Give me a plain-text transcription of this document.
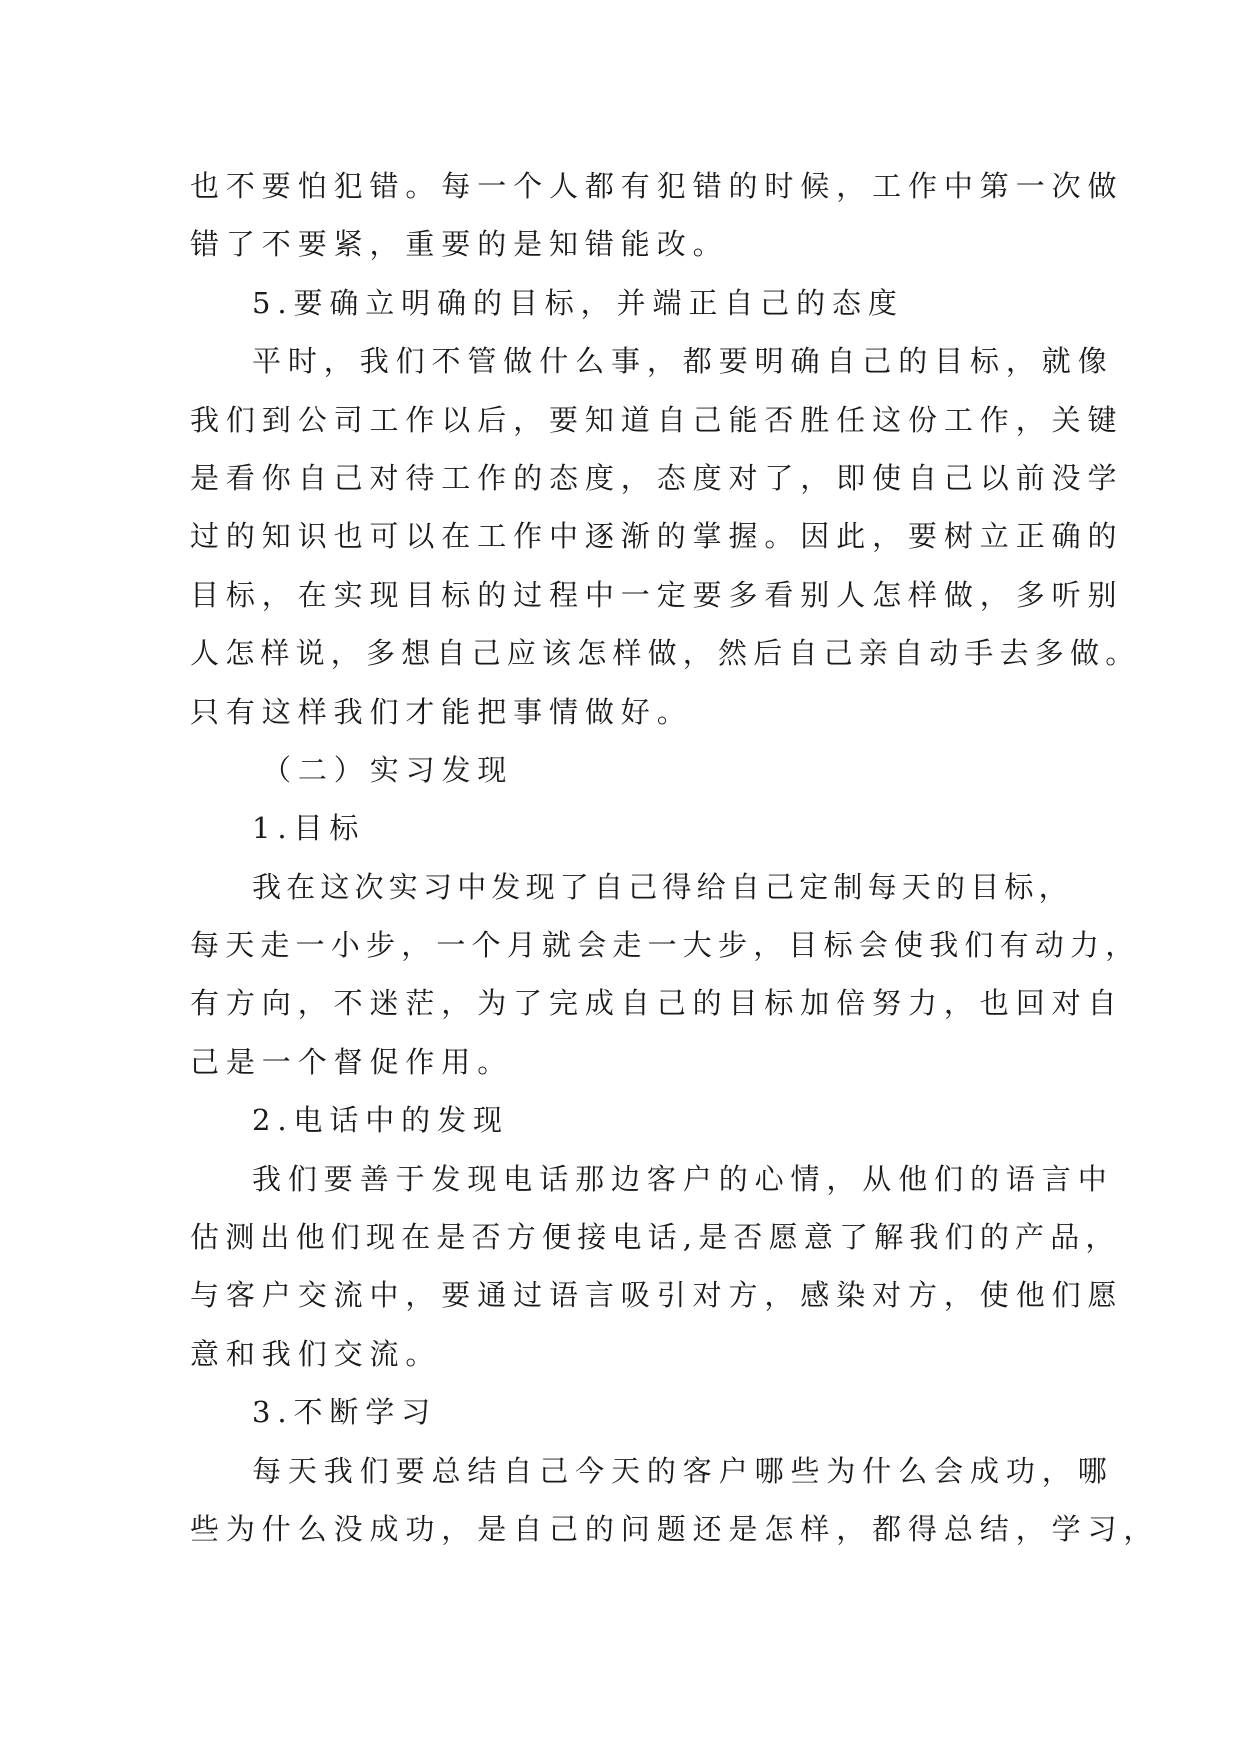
也不要怕犯错。每一个人都有犯错的时候，工作中第一次做
错了不要紧，重要的是知错能改。
5.要确立明确的目标，并端正自己的态度
平时，我们不管做什么事，都要明确自己的目标，就像
我们到公司工作以后，要知道自己能否胜任这份工作，关键
是看你自己对待工作的态度，态度对了，即使自己以前没学
过的知识也可以在工作中逐渐的掌握。因此，要树立正确的
目标，在实现目标的过程中一定要多看别人怎样做，多听别
人怎样说，多想自己应该怎样做，然后自己亲自动手去多做。
只有这样我们才能把事情做好。
（二）实习发现
1.目标
我在这次实习中发现了自己得给自己定制每天的目标，
每天走一小步，一个月就会走一大步，目标会使我们有动力，
有方向，不迷茫，为了完成自己的目标加倍努力，也回对自
己是一个督促作用。
2.电话中的发现
我们要善于发现电话那边客户的心情，从他们的语言中
估测出他们现在是否方便接电话,是否愿意了解我们的产品，
与客户交流中，要通过语言吸引对方，感染对方，使他们愿
意和我们交流。
3.不断学习
每天我们要总结自己今天的客户哪些为什么会成功，哪
些为什么没成功，是自己的问题还是怎样，都得总结，学习，
